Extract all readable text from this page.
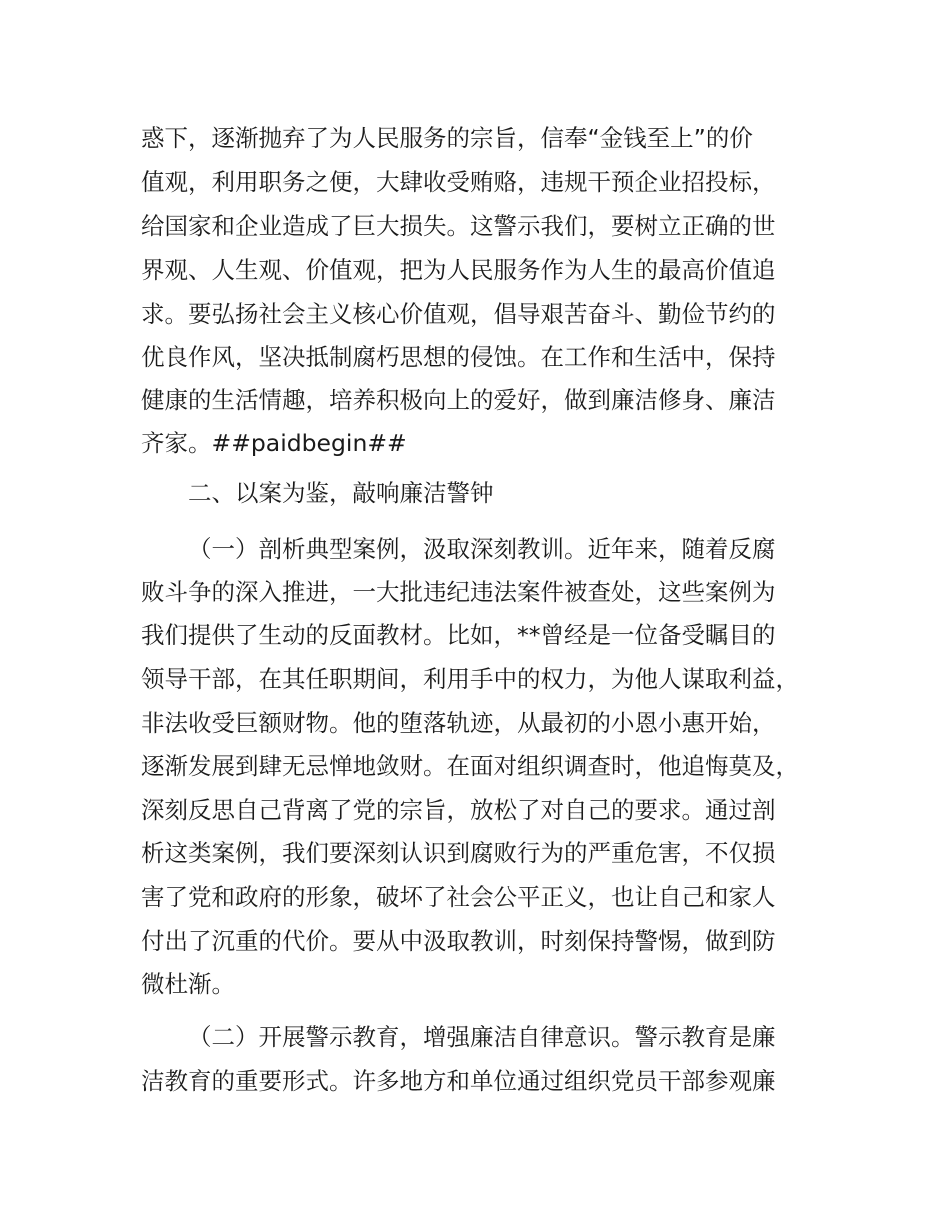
惑下，逐渐抛弃了为人民服务的宗旨，信奉“金钱至上”的价
值观，利用职务之便，大肆收受贿赂，违规干预企业招投标，
给国家和企业造成了巨大损失。这警示我们，要树立正确的世
界观、人生观、价值观，把为人民服务作为人生的最高价值追
求。要弘扬社会主义核心价值观，倡导艰苦奋斗、勤俭节约的
优良作风，坚决抵制腐朽思想的侵蚀。在工作和生活中，保持
健康的生活情趣，培养积极向上的爱好，做到廉洁修身、廉洁
齐家。##paidbegin##
二、以案为鉴，敲响廉洁警钟
（一）剖析典型案例，汲取深刻教训。近年来，随着反腐
败斗争的深入推进，一大批违纪违法案件被查处，这些案例为
我们提供了生动的反面教材。比如，**曾经是一位备受瞩目的
领导干部，在其任职期间，利用手中的权力，为他人谋取利益，
非法收受巨额财物。他的堕落轨迹，从最初的小恩小惠开始，
逐渐发展到肆无忌惮地敛财。在面对组织调查时，他追悔莫及，
深刻反思自己背离了党的宗旨，放松了对自己的要求。通过剖
析这类案例，我们要深刻认识到腐败行为的严重危害，不仅损
害了党和政府的形象，破坏了社会公平正义，也让自己和家人
付出了沉重的代价。要从中汲取教训，时刻保持警惕，做到防
微杜渐。
（二）开展警示教育，增强廉洁自律意识。警示教育是廉
洁教育的重要形式。许多地方和单位通过组织党员干部参观廉
